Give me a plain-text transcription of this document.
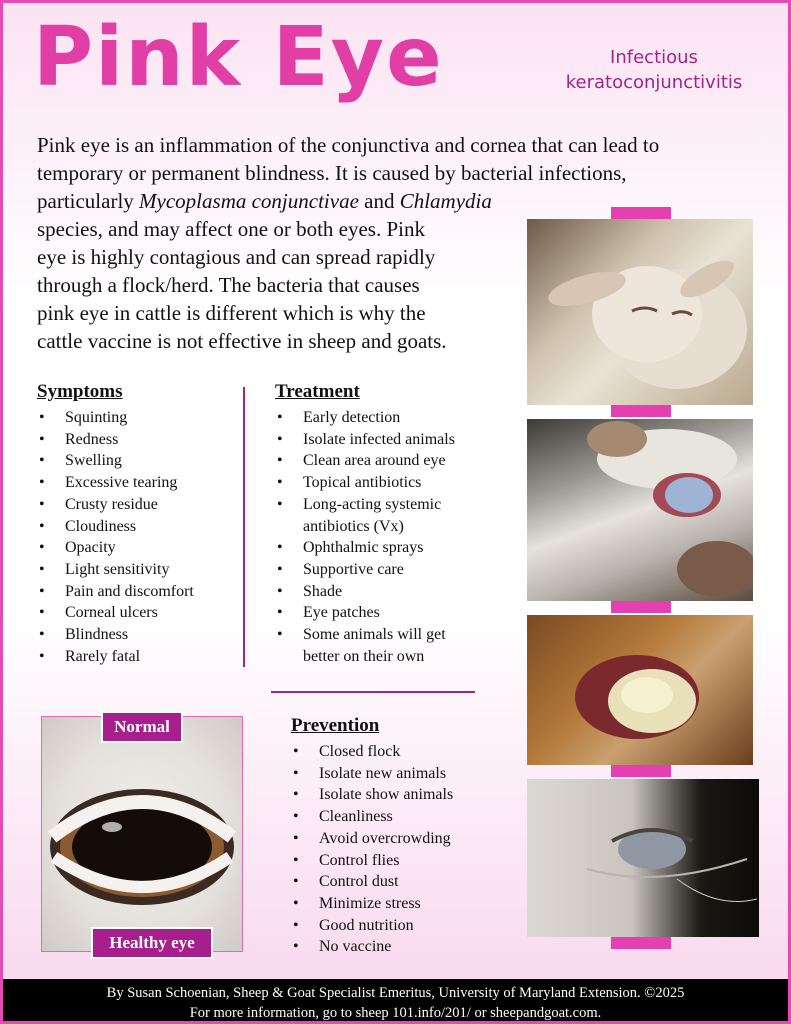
Pink Eye	Infectious
keratoconjunctivitis
Pink eye is an inflammation of the conjunctiva and cornea that can lead to
temporary or permanent blindness. It is caused by bacterial infections,
particularly Mycoplasma conjunctivae and Chlamydia
species, and may affect one or both eyes. Pink
eye is highly contagious and can spread rapidly
through a flock/herd. The bacteria that causes
pink eye in cattle is different which is why the
cattle vaccine is not effective in sheep and goats.
Symptoms
• Squinting
• Redness
• Swelling
• Excessive tearing
• Crusty residue
• Cloudiness
• Opacity
• Light sensitivity
• Pain and discomfort
• Corneal ulcers
• Blindness
• Rarely fatal
Treatment
• Early detection
• Isolate infected animals
• Clean area around eye
• Topical antibiotics
• Long-acting systemic antibiotics (Vx)
• Ophthalmic sprays
• Supportive care
• Shade
• Eye patches
• Some animals will get better on their own
Prevention
• Closed flock
• Isolate new animals
• Isolate show animals
• Cleanliness
• Avoid overcrowding
• Control flies
• Control dust
• Minimize stress
• Good nutrition
• No vaccine
Normal
Healthy eye
By Susan Schoenian, Sheep & Goat Specialist Emeritus, University of Maryland Extension. ©2025
For more information, go to sheep 101.info/201/ or sheepandgoat.com.
